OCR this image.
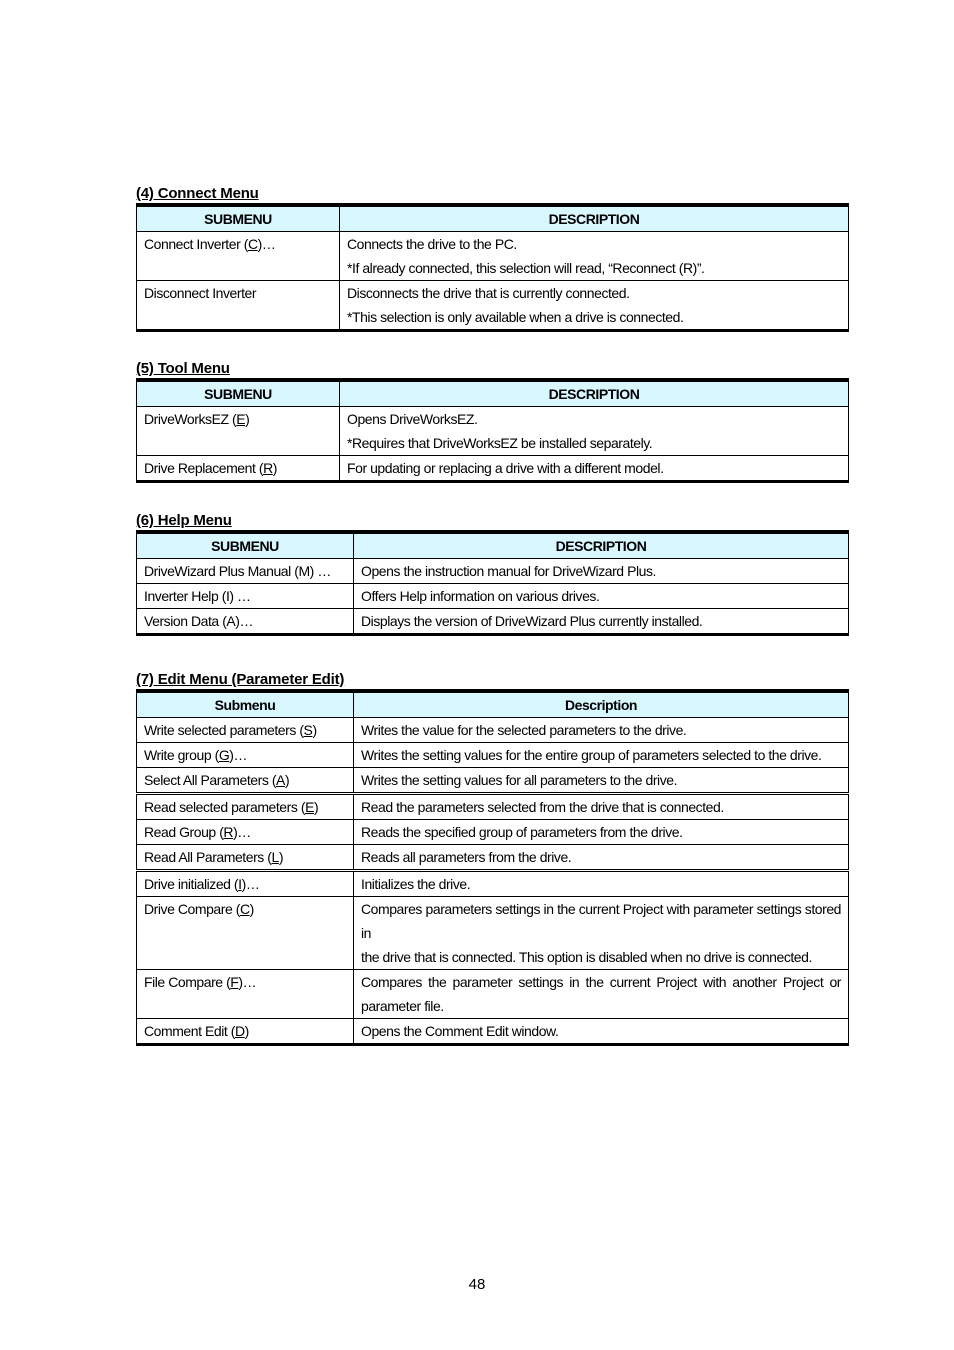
(4) Connect Menu
SUBMENU	DESCRIPTION
Connect Inverter (C)…	Connects the drive to the PC.
*If already connected, this selection will read, “Reconnect (R)”.

Disconnect Inverter	Disconnects the drive that is currently connected.
*This selection is only available when a drive is connected.
(5) Tool Menu
SUBMENU	DESCRIPTION
DriveWorksEZ (E)	Opens DriveWorksEZ.
*Requires that DriveWorksEZ be installed separately.

Drive Replacement (R)	For updating or replacing a drive with a different model.
(6) Help Menu
SUBMENU	DESCRIPTION
DriveWizard Plus Manual (M) …	Opens the instruction manual for DriveWizard Plus.
Inverter Help (I) …	Offers Help information on various drives.
Version Data (A)…	Displays the version of DriveWizard Plus currently installed.
(7) Edit Menu (Parameter Edit)
Submenu	Description
Write selected parameters (S)	Writes the value for the selected parameters to the drive.

Write group (G)…	Writes the setting values for the entire group of parameters selected to the drive.

Select All Parameters (A)	Writes the setting values for all parameters to the drive.

Read selected parameters (E)	Read the parameters selected from the drive that is connected.

Read Group (R)…	Reads the specified group of parameters from the drive.

Read All Parameters (L)	Reads all parameters from the drive.

Drive initialized (I)…	Initializes the drive.

Drive Compare (C)	Compares parameters settings in the current Project with parameter settings stored in
the drive that is connected. This option is disabled when no drive is connected.

File Compare (F)…	Compares the parameter settings in the current Project with another Project or
parameter file.

Comment Edit (D)	Opens the Comment Edit window.
48
